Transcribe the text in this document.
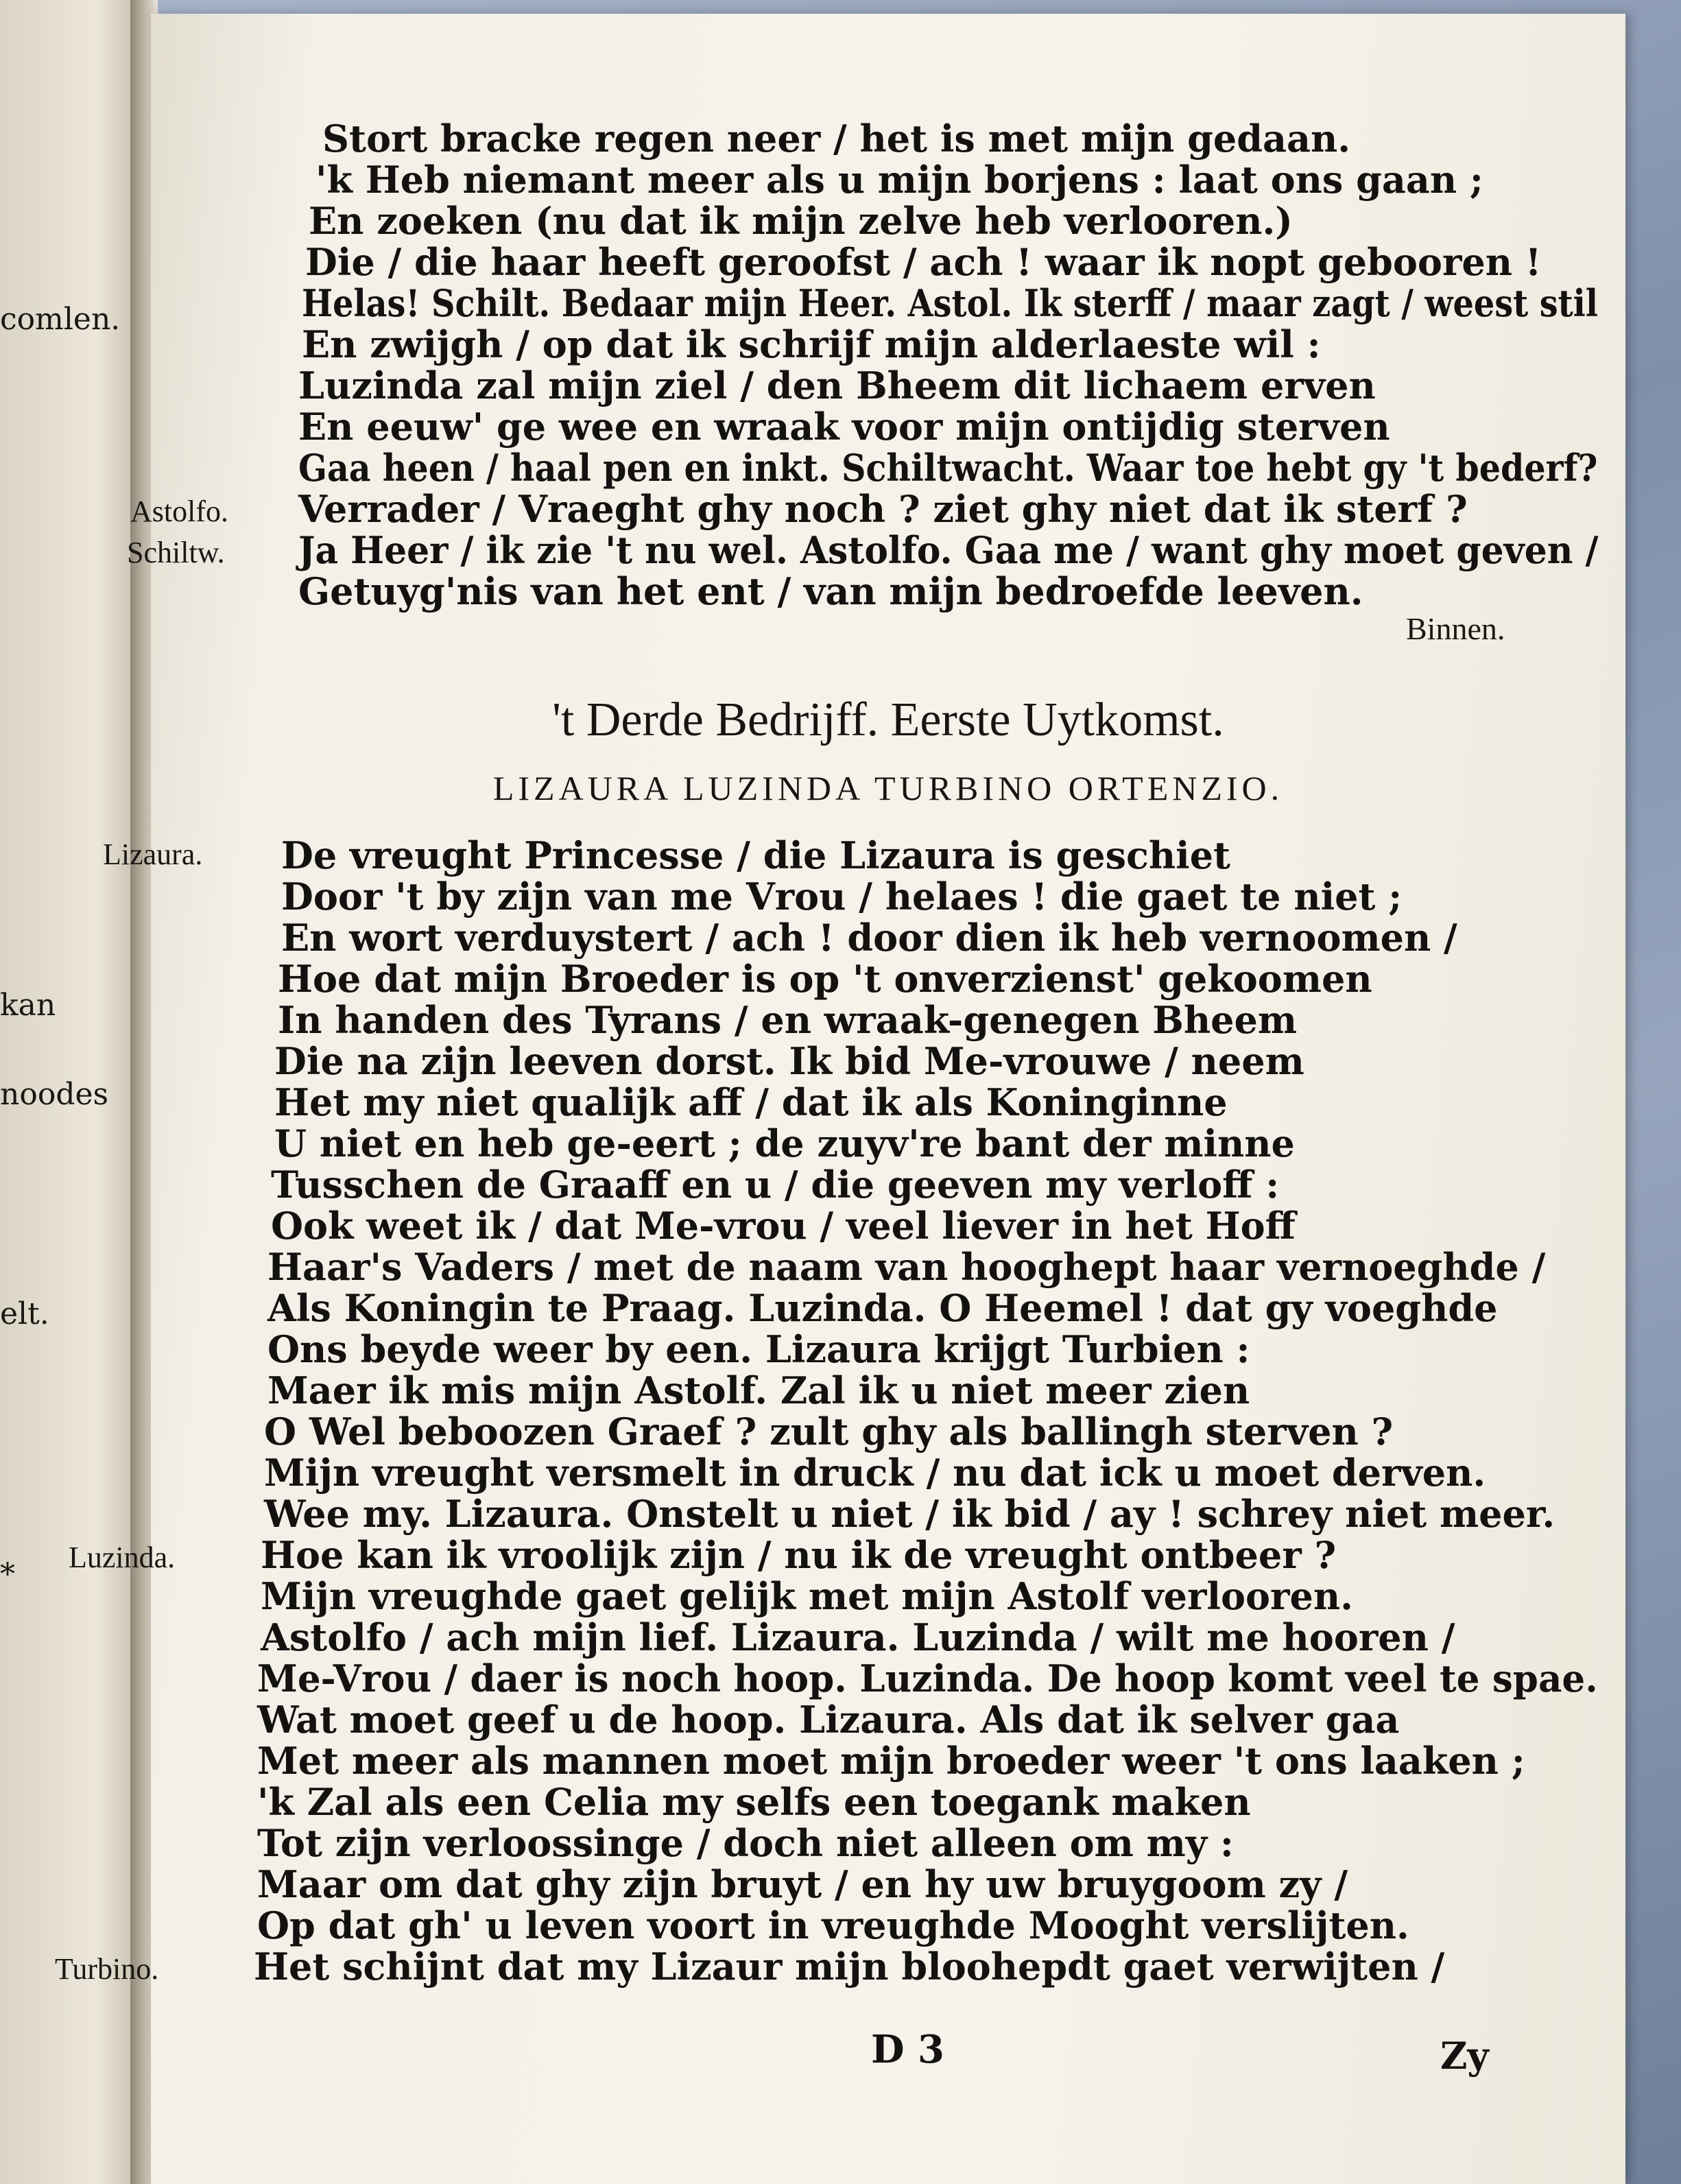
comlen.
kan
noodes
elt.
*
Stort bracke regen neer / het is met mijn gedaan.
'k Heb niemant meer als u mijn borjens : laat ons gaan ;
En zoeken (nu dat ik mijn zelve heb verlooren.)
Die / die haar heeft geroofst / ach ! waar ik nopt gebooren !
Helas! Schilt. Bedaar mijn Heer. Astol. Ik sterff / maar zagt / weest stil
En zwijgh / op dat ik schrijf mijn alderlaeste wil :
Luzinda zal mijn ziel / den Bheem dit lichaem erven
En eeuw' ge wee en wraak voor mijn ontijdig sterven
Gaa heen / haal pen en inkt. Schiltwacht. Waar toe hebt gy 't bederf?
Verrader / Vraeght ghy noch ? ziet ghy niet dat ik sterf ?
Ja Heer / ik zie 't nu wel. Astolfo. Gaa me / want ghy moet geven /
Getuyg'nis van het ent / van mijn bedroefde leeven.
Astolfo.
Schiltw.
Binnen.
't Derde Bedrijff. Eerste Uytkomst.
LIZAURA LUZINDA TURBINO ORTENZIO.
De vreught Princesse / die Lizaura is geschiet
Door 't by zijn van me Vrou / helaes ! die gaet te niet ;
En wort verduystert / ach ! door dien ik heb vernoomen /
Hoe dat mijn Broeder is op 't onverzienst' gekoomen
In handen des Tyrans / en wraak-genegen Bheem
Die na zijn leeven dorst. Ik bid Me-vrouwe / neem
Het my niet qualijk aff / dat ik als Koninginne
U niet en heb ge-eert ; de zuyv're bant der minne
Tusschen de Graaff en u / die geeven my verloff :
Ook weet ik / dat Me-vrou / veel liever in het Hoff
Haar's Vaders / met de naam van hooghept haar vernoeghde /
Als Koningin te Praag. Luzinda. O Heemel ! dat gy voeghde
Ons beyde weer by een. Lizaura krijgt Turbien :
Maer ik mis mijn Astolf. Zal ik u niet meer zien
O Wel beboozen Graef ? zult ghy als ballingh sterven ?
Mijn vreught versmelt in druck / nu dat ick u moet derven.
Wee my. Lizaura. Onstelt u niet / ik bid / ay ! schrey niet meer.
Hoe kan ik vroolijk zijn / nu ik de vreught ontbeer ?
Mijn vreughde gaet gelijk met mijn Astolf verlooren.
Astolfo / ach mijn lief. Lizaura. Luzinda / wilt me hooren /
Me-Vrou / daer is noch hoop. Luzinda. De hoop komt veel te spae.
Wat moet geef u de hoop. Lizaura. Als dat ik selver gaa
Met meer als mannen moet mijn broeder weer 't ons laaken ;
'k Zal als een Celia my selfs een toegank maken
Tot zijn verloossinge / doch niet alleen om my :
Maar om dat ghy zijn bruyt / en hy uw bruygoom zy /
Op dat gh' u leven voort in vreughde Mooght verslijten.
Het schijnt dat my Lizaur mijn bloohepdt gaet verwijten /
Lizaura.
Luzinda.
Turbino.
D 3	Zy
